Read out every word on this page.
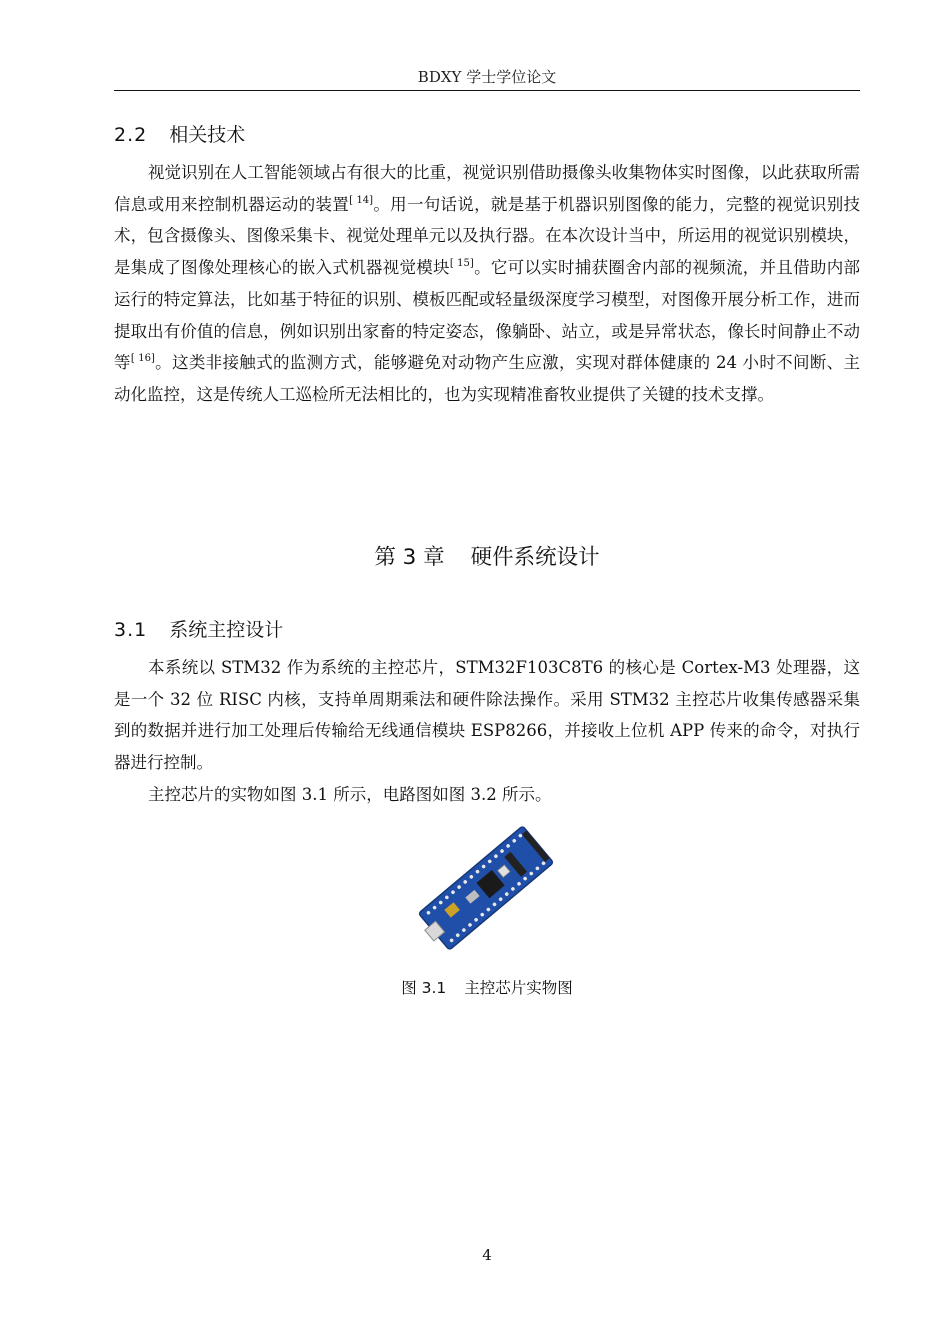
BDXY 学士学位论文
2.2 相关技术

视觉识别在人工智能领域占有很大的比重，视觉识别借助摄像头收集物体实时图像，以此获取所需信息或用来控制机器运动的装置[ 14]。用一句话说，就是基于机器识别图像的能力，完整的视觉识别技术，包含摄像头、图像采集卡、视觉处理单元以及执行器。在本次设计当中，所运用的视觉识别模块，是集成了图像处理核心的嵌入式机器视觉模块[ 15]。它可以实时捕获圈舍内部的视频流，并且借助内部运行的特定算法，比如基于特征的识别、模板匹配或轻量级深度学习模型，对图像开展分析工作，进而提取出有价值的信息，例如识别出家畜的特定姿态，像躺卧、站立，或是异常状态，像长时间静止不动等[ 16]。这类非接触式的监测方式，能够避免对动物产生应激，实现对群体健康的 24 小时不间断、主动化监控，这是传统人工巡检所无法相比的，也为实现精准畜牧业提供了关键的技术支撑。

第 3 章 硬件系统设计
3.1 系统主控设计

本系统以 STM32 作为系统的主控芯片，STM32F103C8T6 的核心是 Cortex-M3 处理器，这是一个 32 位 RISC 内核，支持单周期乘法和硬件除法操作。采用 STM32 主控芯片收集传感器采集到的数据并进行加工处理后传输给无线通信模块 ESP8266，并接收上位机 APP 传来的命令，对执行器进行控制。

主控芯片的实物如图 3.1 所示，电路图如图 3.2 所示。

图 3.1 主控芯片实物图
4
